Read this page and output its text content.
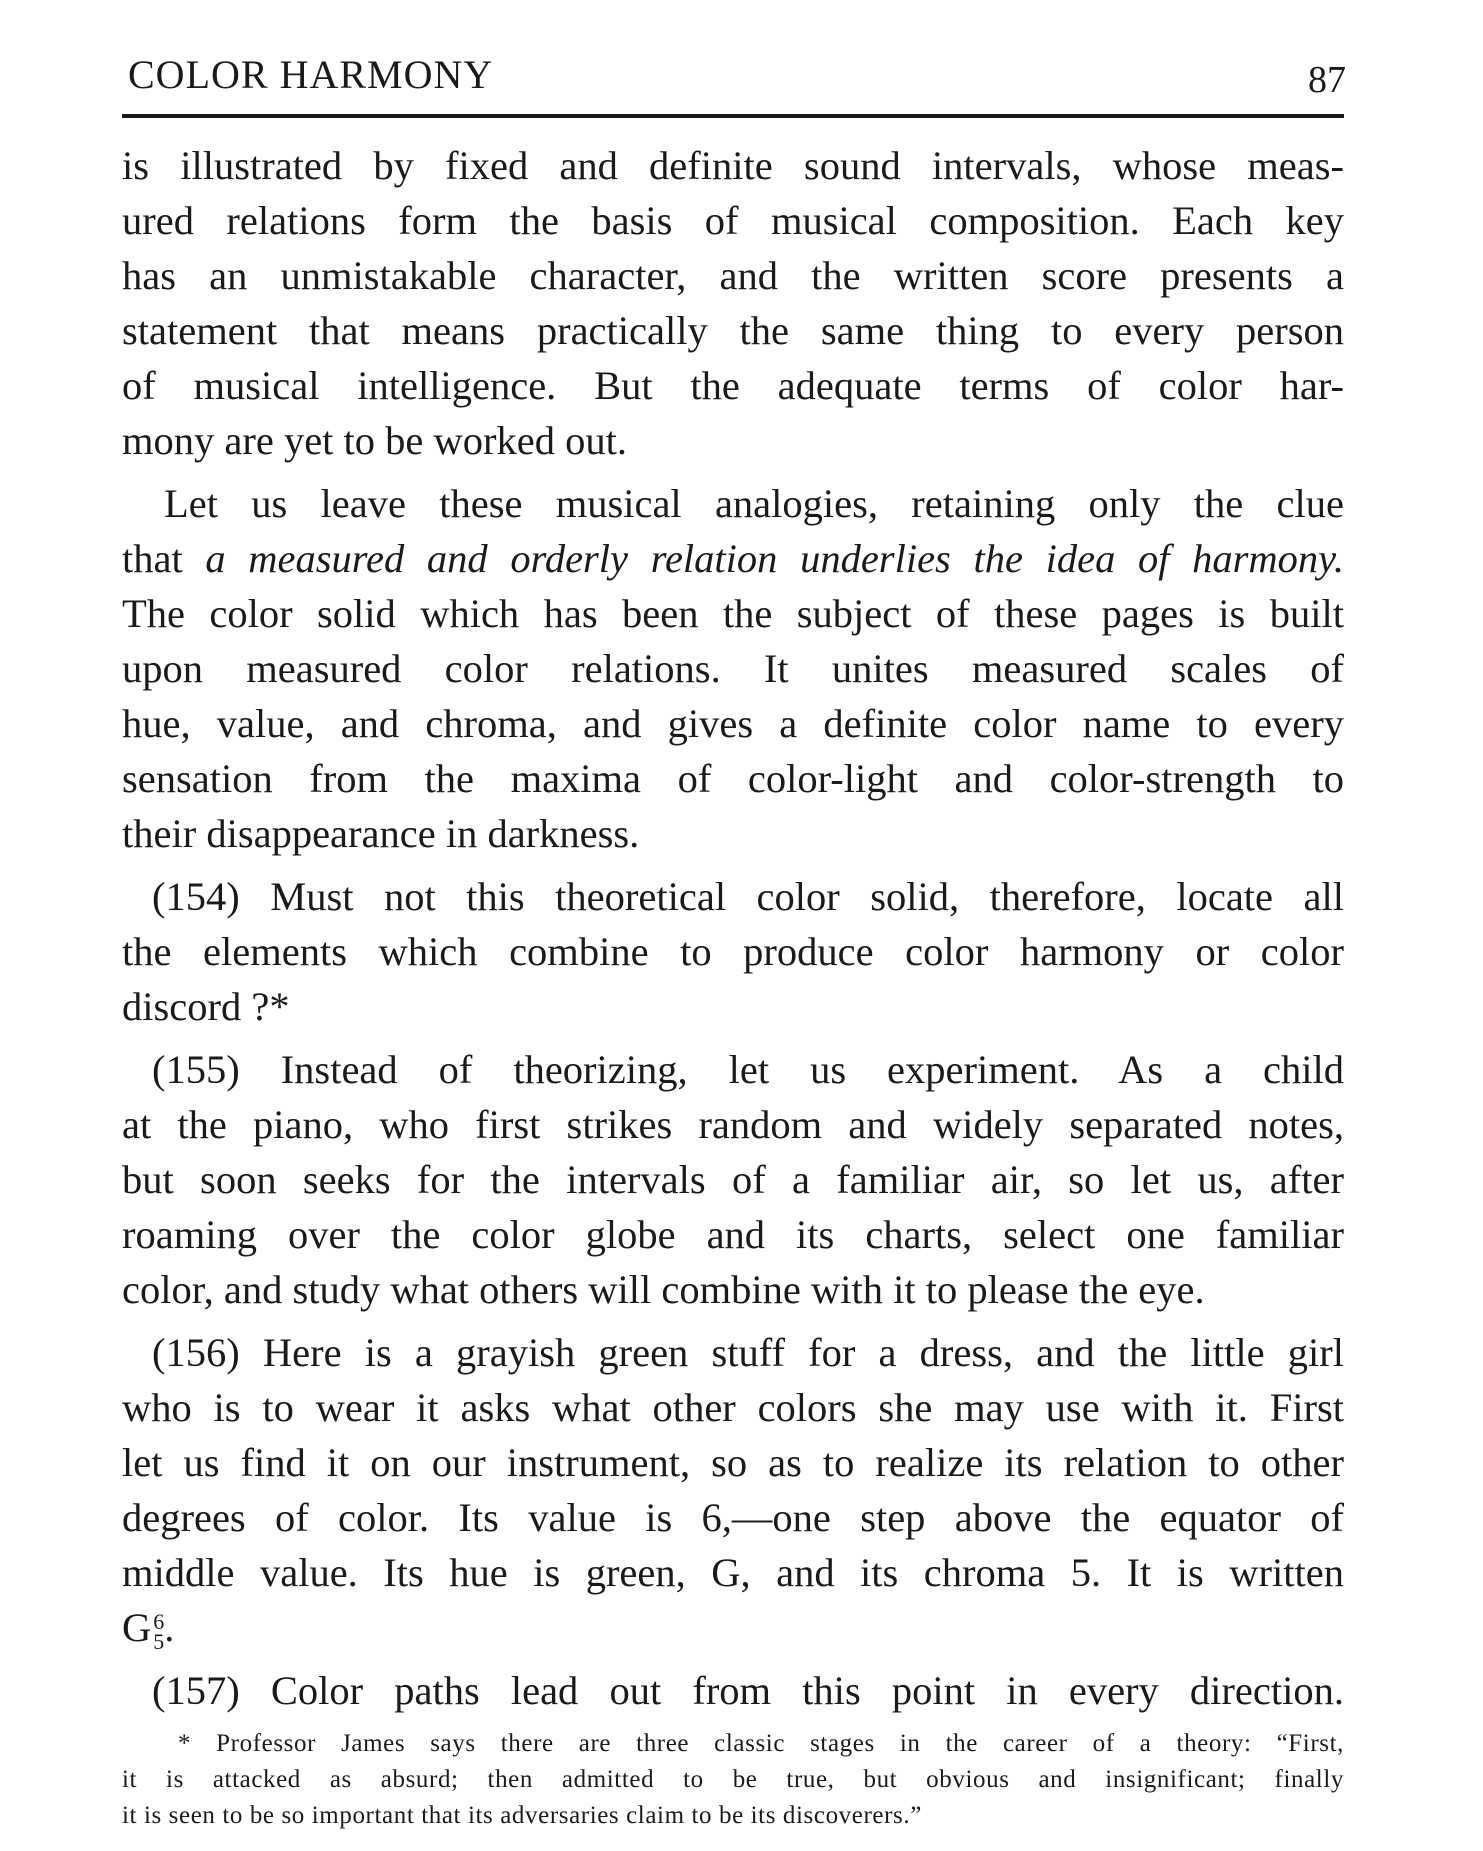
COLOR HARMONY	87
is illustrated by fixed and definite sound intervals, whose meas-
ured relations form the basis of musical composition. Each key
has an unmistakable character, and the written score presents a
statement that means practically the same thing to every person
of musical intelligence. But the adequate terms of color har-
mony are yet to be worked out.
Let us leave these musical analogies, retaining only the clue
that a measured and orderly relation underlies the idea of harmony.
The color solid which has been the subject of these pages is built
upon measured color relations. It unites measured scales of
hue, value, and chroma, and gives a definite color name to every
sensation from the maxima of color-light and color-strength to
their disappearance in darkness.
(154) Must not this theoretical color solid, therefore, locate all
the elements which combine to produce color harmony or color
discord ?*
(155) Instead of theorizing, let us experiment. As a child
at the piano, who first strikes random and widely separated notes,
but soon seeks for the intervals of a familiar air, so let us, after
roaming over the color globe and its charts, select one familiar
color, and study what others will combine with it to please the eye.
(156) Here is a grayish green stuff for a dress, and the little girl
who is to wear it asks what other colors she may use with it. First
let us find it on our instrument, so as to realize its relation to other
degrees of color. Its value is 6,—one step above the equator of
middle value. Its hue is green, G, and its chroma 5. It is written
G 6
5 .
(157) Color paths lead out from this point in every direction.
* Professor James says there are three classic stages in the career of a theory: “First,
it is attacked as absurd; then admitted to be true, but obvious and insignificant; finally
it is seen to be so important that its adversaries claim to be its discoverers.”
